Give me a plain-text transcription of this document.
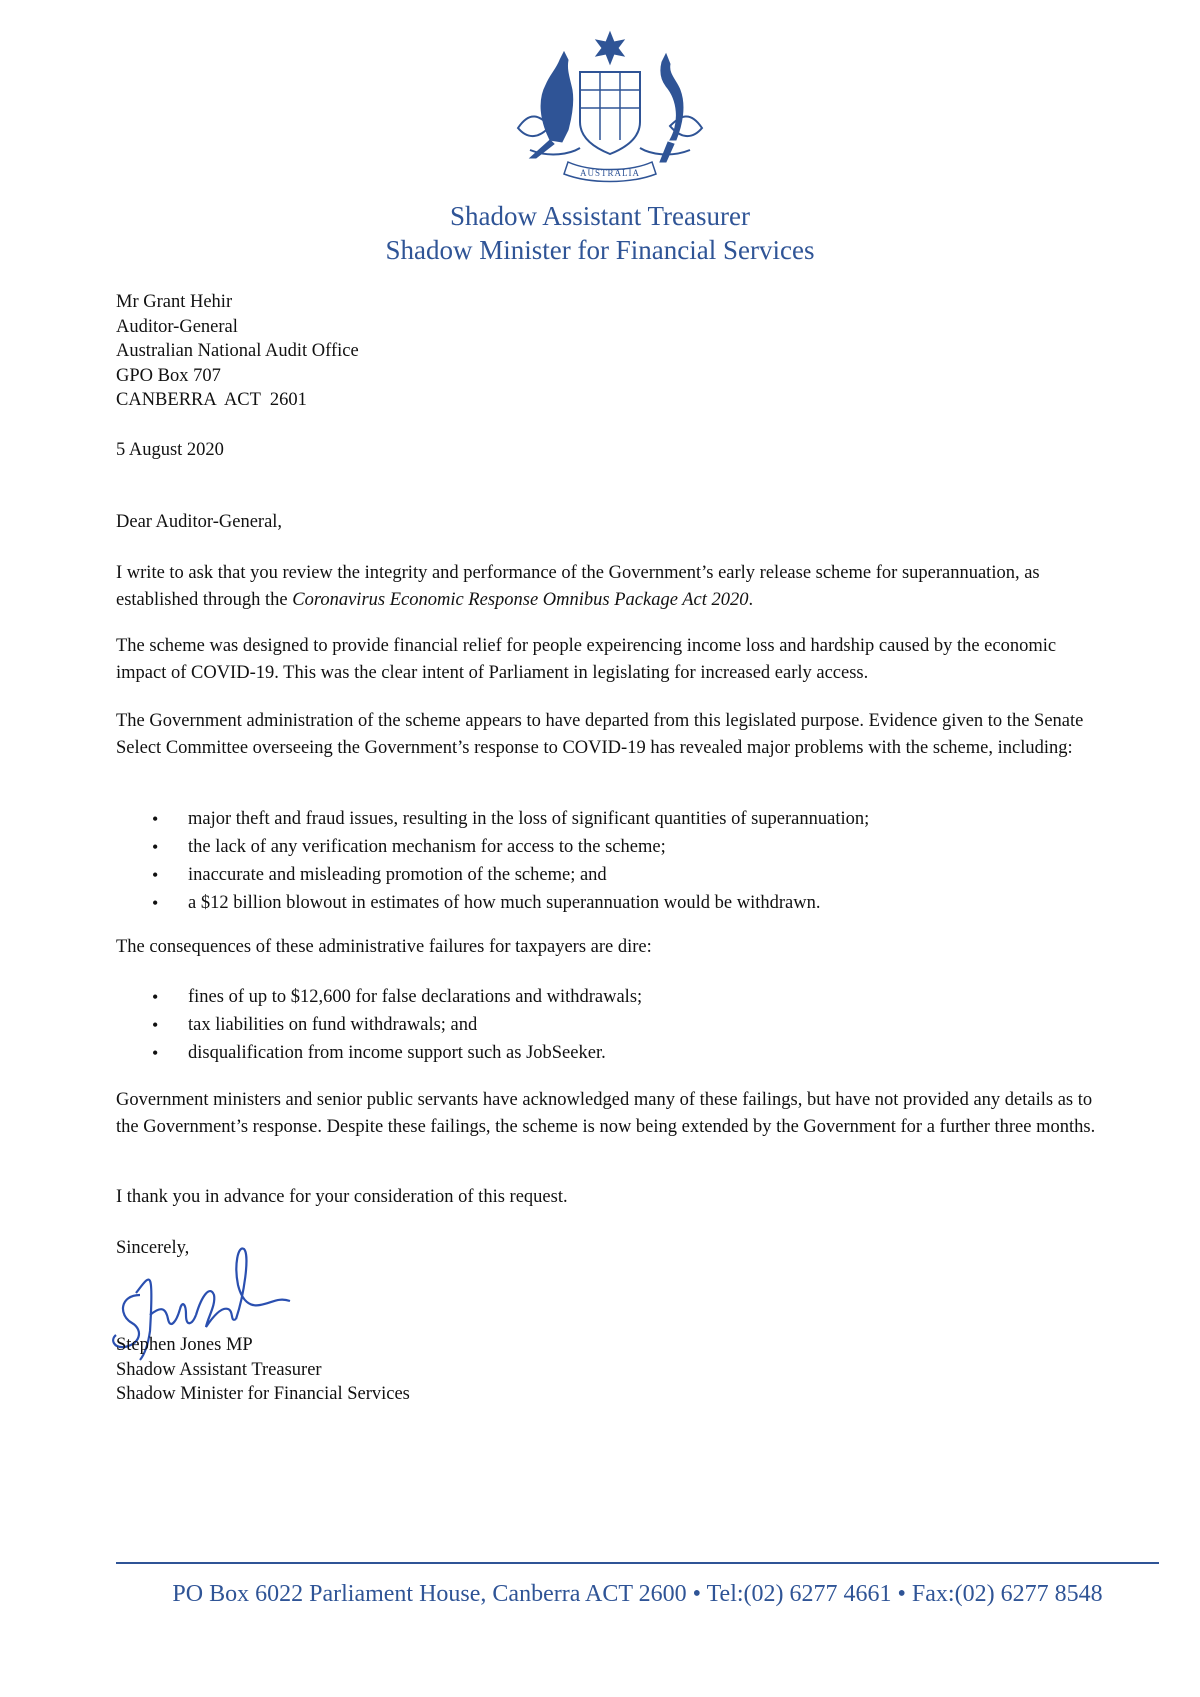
AUSTRALIA
Shadow Assistant Treasurer
Shadow Minister for Financial Services

Mr Grant Hehir

Auditor-General

Australian National Audit Office

GPO Box 707

CANBERRA  ACT  2601

5 August 2020
Dear Auditor-General,
I write to ask that you review the integrity and performance of the Government’s early release scheme for superannuation, as established through the Coronavirus Economic Response Omnibus Package Act 2020.
The scheme was designed to provide financial relief for people expeirencing income loss and hardship caused by the economic impact of COVID-19. This was the clear intent of Parliament in legislating for increased early access.
The Government administration of the scheme appears to have departed from this legislated purpose. Evidence given to the Senate Select Committee overseeing the Government’s response to COVID-19 has revealed major problems with the scheme, including:
• major theft and fraud issues, resulting in the loss of significant quantities of superannuation;
• the lack of any verification mechanism for access to the scheme;
• inaccurate and misleading promotion of the scheme; and
• a $12 billion blowout in estimates of how much superannuation would be withdrawn.
The consequences of these administrative failures for taxpayers are dire:
• fines of up to $12,600 for false declarations and withdrawals;
• tax liabilities on fund withdrawals; and
• disqualification from income support such as JobSeeker.
Government ministers and senior public servants have acknowledged many of these failings, but have not provided any details as to the Government’s response. Despite these failings, the scheme is now being extended by the Government for a further three months.
I thank you in advance for your consideration of this request.
Sincerely,

Stephen Jones MP

Shadow Assistant Treasurer

Shadow Minister for Financial Services

PO Box 6022 Parliament House, Canberra ACT 2600 • Tel:(02) 6277 4661 • Fax:(02) 6277 8548
